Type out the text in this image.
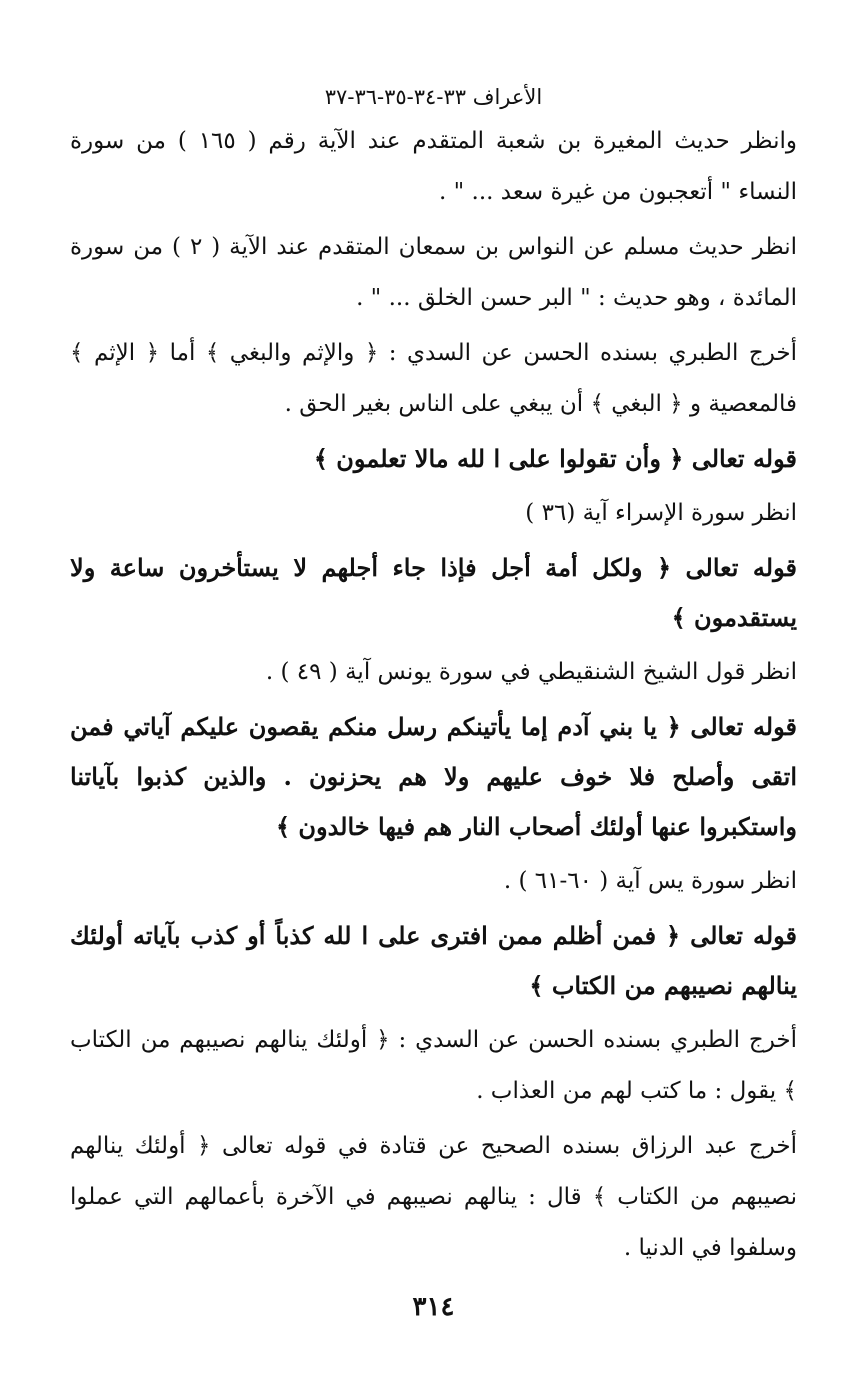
الأعراف ٣٣-٣٤-٣٥-٣٦-٣٧

وانظر حديث المغيرة بن شعبة المتقدم عند الآية رقم ( ١٦٥ ) من سورة النساء " أتعجبون من غيرة سعد ... " .

انظر حديث مسلم عن النواس بن سمعان المتقدم عند الآية ( ٢ ) من سورة المائدة ، وهو حديث : " البر حسن الخلق ... " .

أخرج الطبري بسنده الحسن عن السدي : ﴿ والإثم والبغي ﴾ أما ﴿ الإثم ﴾ فالمعصية و ﴿ البغي ﴾ أن يبغي على الناس بغير الحق .

قوله تعالى ﴿ وأن تقولوا على ا لله مالا تعلمون ﴾

انظر سورة الإسراء آية (٣٦ )

قوله تعالى ﴿ ولكل أمة أجل فإذا جاء أجلهم لا يستأخرون ساعة ولا يستقدمون ﴾

انظر قول الشيخ الشنقيطي في سورة يونس آية ( ٤٩ ) .

قوله تعالى ﴿ يا بني آدم إما يأتينكم رسل منكم يقصون عليكم آياتي فمن اتقى وأصلح فلا خوف عليهم ولا هم يحزنون . والذين كذبوا بآياتنا واستكبروا عنها أولئك أصحاب النار هم فيها خالدون ﴾

انظر سورة يس آية ( ٦٠-٦١ ) .

قوله تعالى ﴿ فمن أظلم ممن افترى على ا لله كذباً أو كذب بآياته أولئك ينالهم نصيبهم من الكتاب ﴾

أخرج الطبري بسنده الحسن عن السدي : ﴿ أولئك ينالهم نصيبهم من الكتاب ﴾ يقول : ما كتب لهم من العذاب .

أخرج عبد الرزاق بسنده الصحيح عن قتادة في قوله تعالى ﴿ أولئك ينالهم نصيبهم من الكتاب ﴾ قال : ينالهم نصيبهم في الآخرة بأعمالهم التي عملوا وسلفوا في الدنيا .

٣١٤
